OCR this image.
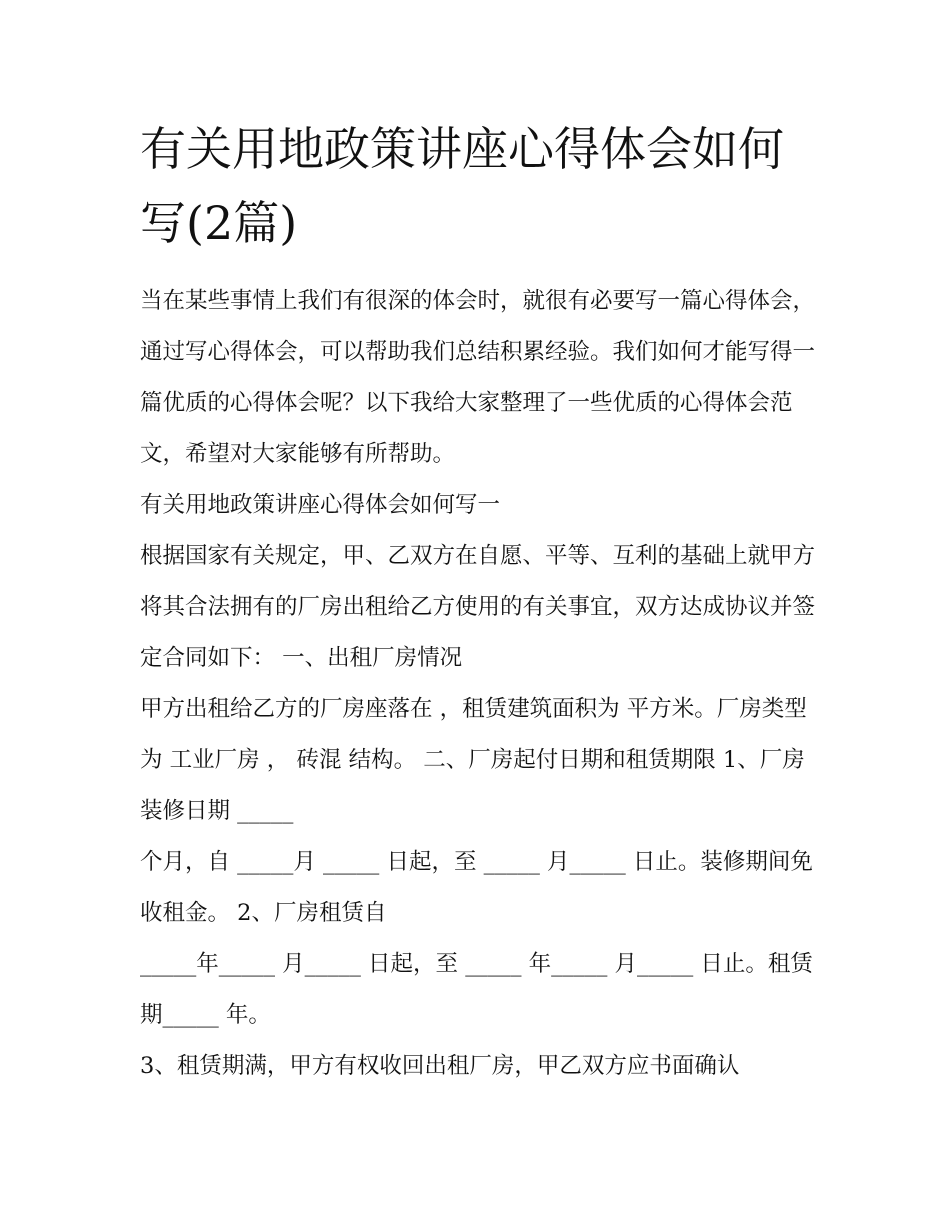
有关用地政策讲座心得体会如何写(2篇)

当在某些事情上我们有很深的体会时，就很有必要写一篇心得体会，通过写心得体会，可以帮助我们总结积累经验。我们如何才能写得一篇优质的心得体会呢？以下我给大家整理了一些优质的心得体会范文，希望对大家能够有所帮助。

有关用地政策讲座心得体会如何写一

根据国家有关规定，甲、乙双方在自愿、平等、互利的基础上就甲方将其合法拥有的厂房出租给乙方使用的有关事宜，双方达成协议并签定合同如下： 一、出租厂房情况

甲方出租给乙方的厂房座落在 ，租赁建筑面积为 平方米。厂房类型为 工业厂房 ， 砖混 结构。 二、厂房起付日期和租赁期限 1、厂房装修日期 _____

个月，自 _____月 _____ 日起，至 _____ 月_____ 日止。装修期间免收租金。 2、厂房租赁自

_____年_____ 月_____ 日起，至 _____ 年_____ 月_____ 日止。租赁期_____ 年。

3、租赁期满，甲方有权收回出租厂房，甲乙双方应书面确认
